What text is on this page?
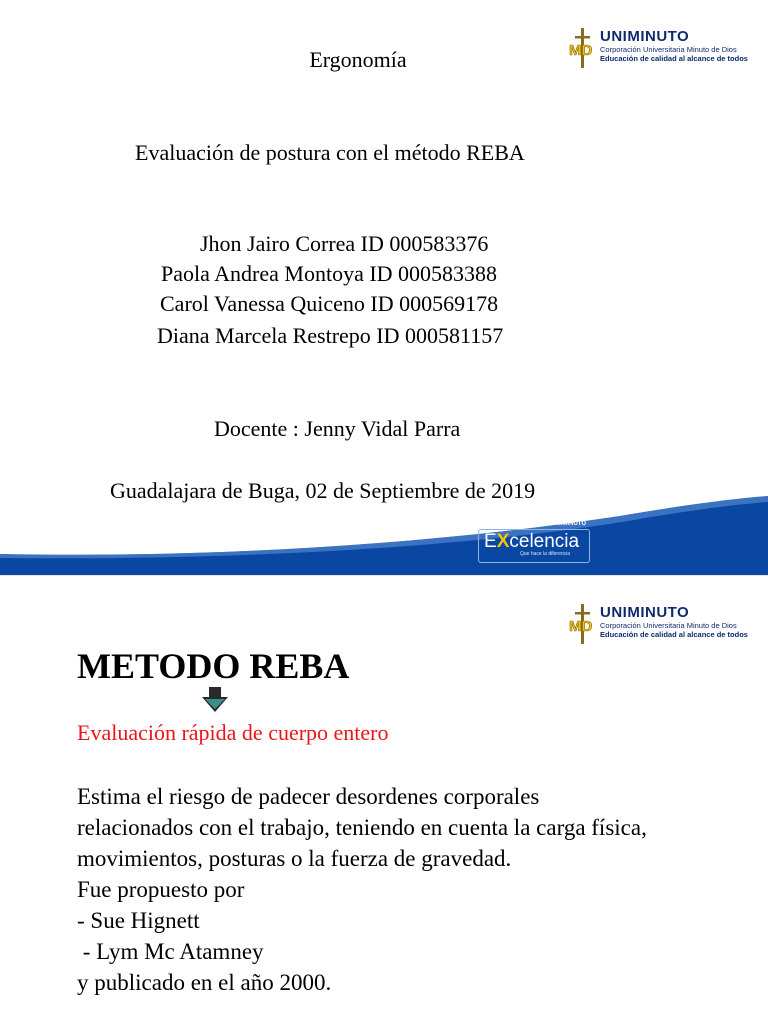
MD
UNIMINUTO
Corporación Universitaria Minuto de Dios
Educación de calidad al alcance de todos
Ergonomía
Evaluación de postura con el método REBA
Jhon Jairo Correa ID 000583376
Paola Andrea Montoya ID 000583388
Carol Vanessa Quiceno ID 000569178
Diana Marcela Restrepo ID 000581157
Docente : Jenny Vidal Parra
Guadalajara de Buga, 02 de Septiembre de 2019
UNIMINUTO
EXcelencia
Que hace la diferencia
MD
UNIMINUTO
Corporación Universitaria Minuto de Dios
Educación de calidad al alcance de todos
METODO REBA
Evaluación rápida de cuerpo entero
Estima el riesgo de padecer desordenes corporales
relacionados con el trabajo, teniendo en cuenta la carga física,
movimientos, posturas o la fuerza de gravedad.
Fue propuesto por
- Sue Hignett
- Lym Mc Atamney
y publicado en el año 2000.
